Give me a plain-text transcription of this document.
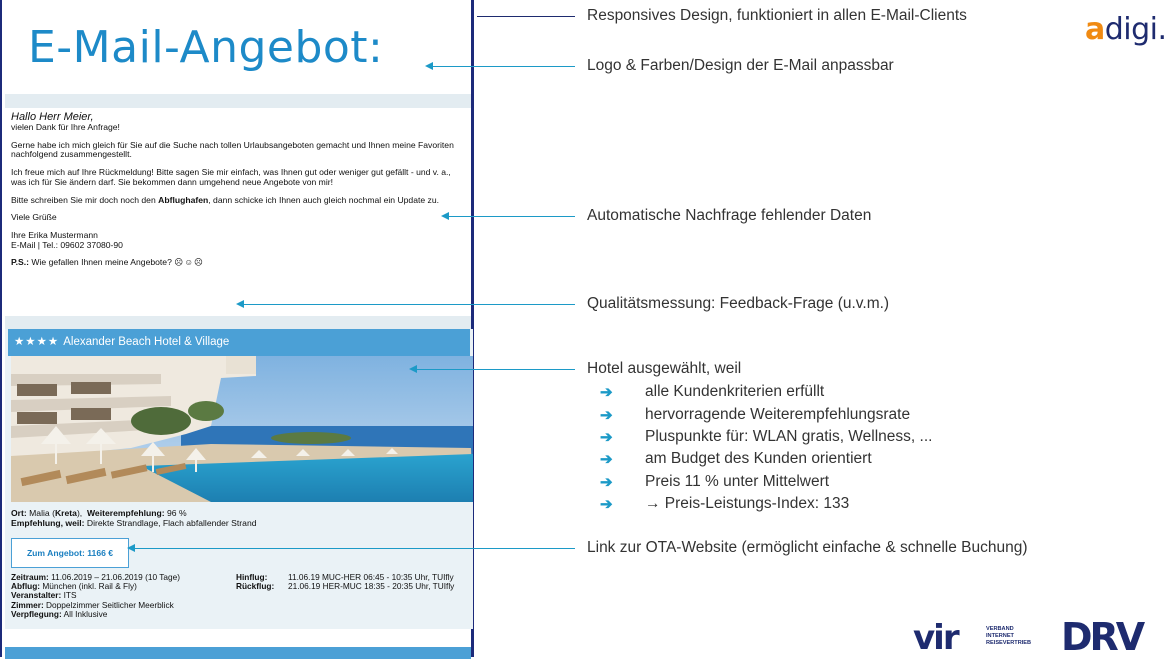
E-Mail-Angebot:
Hallo Herr Meier,

vielen Dank für Ihre Anfrage!

Gerne habe ich mich gleich für Sie auf die Suche nach tollen Urlaubsangeboten gemacht und Ihnen meine Favoriten nachfolgend zusammengestellt.

Ich freue mich auf Ihre Rückmeldung! Bitte sagen Sie mir einfach, was Ihnen gut oder weniger gut gefällt - und v. a., was ich für Sie ändern darf. Sie bekommen dann umgehend neue Angebote von mir!

Bitte schreiben Sie mir doch noch den Abflughafen, dann schicke ich Ihnen auch gleich nochmal ein Update zu.

Viele Grüße

Ihre Erika Mustermann
E-Mail | Tel.: 09602 37080-90

P.S.: Wie gefallen Ihnen meine Angebote? ☹☺☹

★★★★ Alexander Beach Hotel & Village
Ort: Malia (Kreta), Weiterempfehlung: 96 %
Empfehlung, weil: Direkte Strandlage, Flach abfallender Strand
Zum Angebot: 1166 €
Zeitraum: 11.06.2019 – 21.06.2019 (10 Tage)
Abflug: München (inkl. Rail & Fly)
Veranstalter: ITS
Zimmer: Doppelzimmer Seitlicher Meerblick
Verpflegung: All Inklusive
Hinflug:	11.06.19 MUC-HER 06:45 - 10:35 Uhr, TUIfly
Rückflug:	21.06.19 HER-MUC 18:35 - 20:35 Uhr, TUIfly
Responsives Design, funktioniert in allen E-Mail-Clients
Logo & Farben/Design der E-Mail anpassbar
Automatische Nachfrage fehlender Daten
Qualitätsmessung: Feedback-Frage (u.v.m.)
Hotel ausgewählt, weil
➔	alle Kundenkriterien erfüllt
➔	hervorragende Weiterempfehlungsrate
➔	Pluspunkte für: WLAN gratis, Wellness, ...
➔	am Budget des Kunden orientiert
➔	Preis 11 % unter Mittelwert
➔	→ Preis-Leistungs-Index: 133
Link zur OTA-Website (ermöglicht einfache & schnelle Buchung)
adigi.
vir	VERBAND
INTERNET
REISEVERTRIEB DRV
